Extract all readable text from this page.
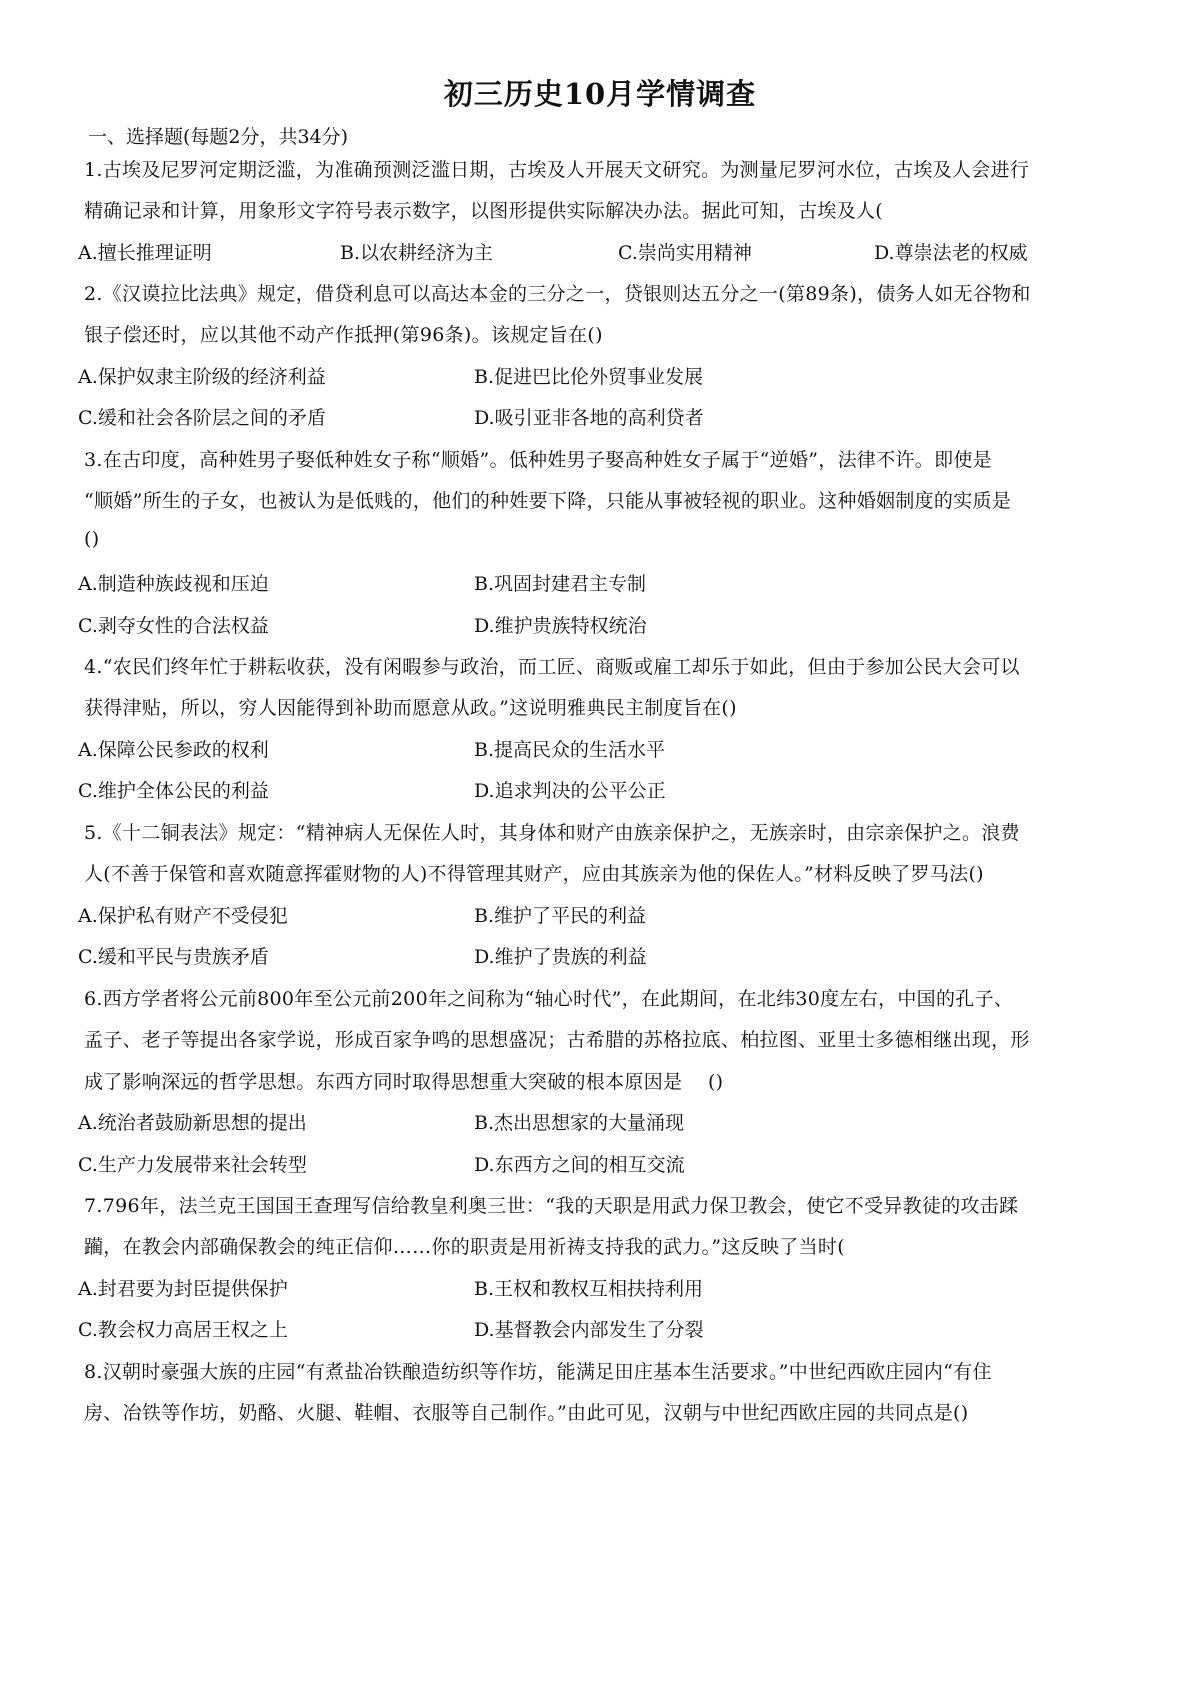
初三历史10月学情调查
一、选择题(每题2分，共34分)
1.古埃及尼罗河定期泛滥，为准确预测泛滥日期，古埃及人开展天文研究。为测量尼罗河水位，古埃及人会进行
精确记录和计算，用象形文字符号表示数字，以图形提供实际解决办法。据此可知，古埃及人(
A.擅长推理证明	B.以农耕经济为主	C.崇尚实用精神	D.尊崇法老的权威
2.《汉谟拉比法典》规定，借贷利息可以高达本金的三分之一，贷银则达五分之一(第89条)，债务人如无谷物和
银子偿还时，应以其他不动产作抵押(第96条)。该规定旨在()
A.保护奴隶主阶级的经济利益	B.促进巴比伦外贸事业发展
C.缓和社会各阶层之间的矛盾	D.吸引亚非各地的高利贷者
3.在古印度，高种姓男子娶低种姓女子称“顺婚”。低种姓男子娶高种姓女子属于“逆婚”，法律不许。即使是
“顺婚”所生的子女，也被认为是低贱的，他们的种姓要下降，只能从事被轻视的职业。这种婚姻制度的实质是
()
A.制造种族歧视和压迫	B.巩固封建君主专制
C.剥夺女性的合法权益	D.维护贵族特权统治
4.“农民们终年忙于耕耘收获，没有闲暇参与政治，而工匠、商贩或雇工却乐于如此，但由于参加公民大会可以
获得津贴，所以，穷人因能得到补助而愿意从政。”这说明雅典民主制度旨在()
A.保障公民参政的权利	B.提高民众的生活水平
C.维护全体公民的利益	D.追求判决的公平公正
5.《十二铜表法》规定：“精神病人无保佐人时，其身体和财产由族亲保护之，无族亲时，由宗亲保护之。浪费
人(不善于保管和喜欢随意挥霍财物的人)不得管理其财产，应由其族亲为他的保佐人。”材料反映了罗马法()
A.保护私有财产不受侵犯	B.维护了平民的利益
C.缓和平民与贵族矛盾	D.维护了贵族的利益
6.西方学者将公元前800年至公元前200年之间称为“轴心时代”，在此期间，在北纬30度左右，中国的孔子、
孟子、老子等提出各家学说，形成百家争鸣的思想盛况；古希腊的苏格拉底、柏拉图、亚里士多德相继出现，形
成了影响深远的哲学思想。东西方同时取得思想重大突破的根本原因是　 ()
A.统治者鼓励新思想的提出	B.杰出思想家的大量涌现
C.生产力发展带来社会转型	D.东西方之间的相互交流
7.796年，法兰克王国国王查理写信给教皇利奥三世：“我的天职是用武力保卫教会，使它不受异教徒的攻击蹂
躏，在教会内部确保教会的纯正信仰……你的职责是用祈祷支持我的武力。”这反映了当时(
A.封君要为封臣提供保护	B.王权和教权互相扶持利用
C.教会权力高居王权之上	D.基督教会内部发生了分裂
8.汉朝时豪强大族的庄园“有煮盐冶铁酿造纺织等作坊，能满足田庄基本生活要求。”中世纪西欧庄园内“有住
房、冶铁等作坊，奶酪、火腿、鞋帽、衣服等自己制作。”由此可见，汉朝与中世纪西欧庄园的共同点是()
